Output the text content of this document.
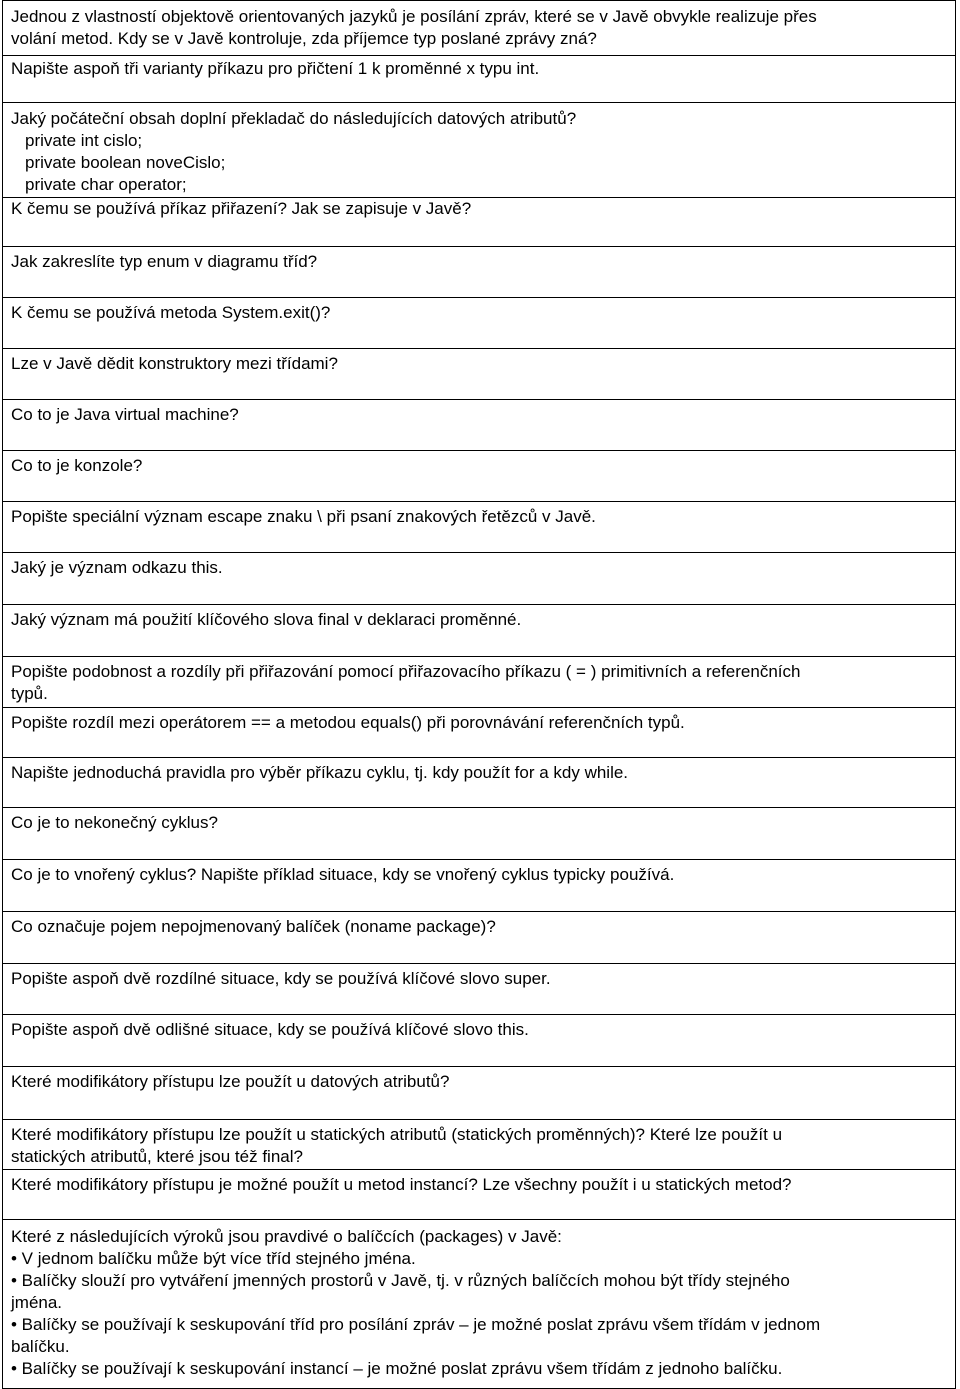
Jednou z vlastností objektově orientovaných jazyků je posílání zpráv, které se v Javě obvykle realizuje přes
volání metod. Kdy se v Javě kontroluje, zda příjemce typ poslané zprávy zná?
Napište aspoň tři varianty příkazu pro přičtení 1 k proměnné x typu int.
Jaký počáteční obsah doplní překladač do následujících datových atributů?
private int cislo;
private boolean noveCislo;
private char operator;
K čemu se používá příkaz přiřazení? Jak se zapisuje v Javě?
Jak zakreslíte typ enum v diagramu tříd?
K čemu se používá metoda System.exit()?
Lze v Javě dědit konstruktory mezi třídami?
Co to je Java virtual machine?
Co to je konzole?
Popište speciální význam escape znaku \ při psaní znakových řetězců v Javě.
Jaký je význam odkazu this.
Jaký význam má použití klíčového slova final v deklaraci proměnné.
Popište podobnost a rozdíly při přiřazování pomocí přiřazovacího příkazu ( = ) primitivních a referenčních
typů.
Popište rozdíl mezi operátorem == a metodou equals() při porovnávání referenčních typů.
Napište jednoduchá pravidla pro výběr příkazu cyklu, tj. kdy použít for a kdy while.
Co je to nekonečný cyklus?
Co je to vnořený cyklus? Napište příklad situace, kdy se vnořený cyklus typicky používá.
Co označuje pojem nepojmenovaný balíček (noname package)?
Popište aspoň dvě rozdílné situace, kdy se používá klíčové slovo super.
Popište aspoň dvě odlišné situace, kdy se používá klíčové slovo this.
Které modifikátory přístupu lze použít u datových atributů?
Které modifikátory přístupu lze použít u statických atributů (statických proměnných)? Které lze použít u
statických atributů, které jsou též final?
Které modifikátory přístupu je možné použít u metod instancí? Lze všechny použít i u statických metod?
Které z následujících výroků jsou pravdivé o balíčcích (packages) v Javě:
• V jednom balíčku může být více tříd stejného jména.
• Balíčky slouží pro vytváření jmenných prostorů v Javě, tj. v různých balíčcích mohou být třídy stejného
jména.
• Balíčky se používají k seskupování tříd pro posílání zpráv – je možné poslat zprávu všem třídám v jednom
balíčku.
• Balíčky se používají k seskupování instancí – je možné poslat zprávu všem třídám z jednoho balíčku.
